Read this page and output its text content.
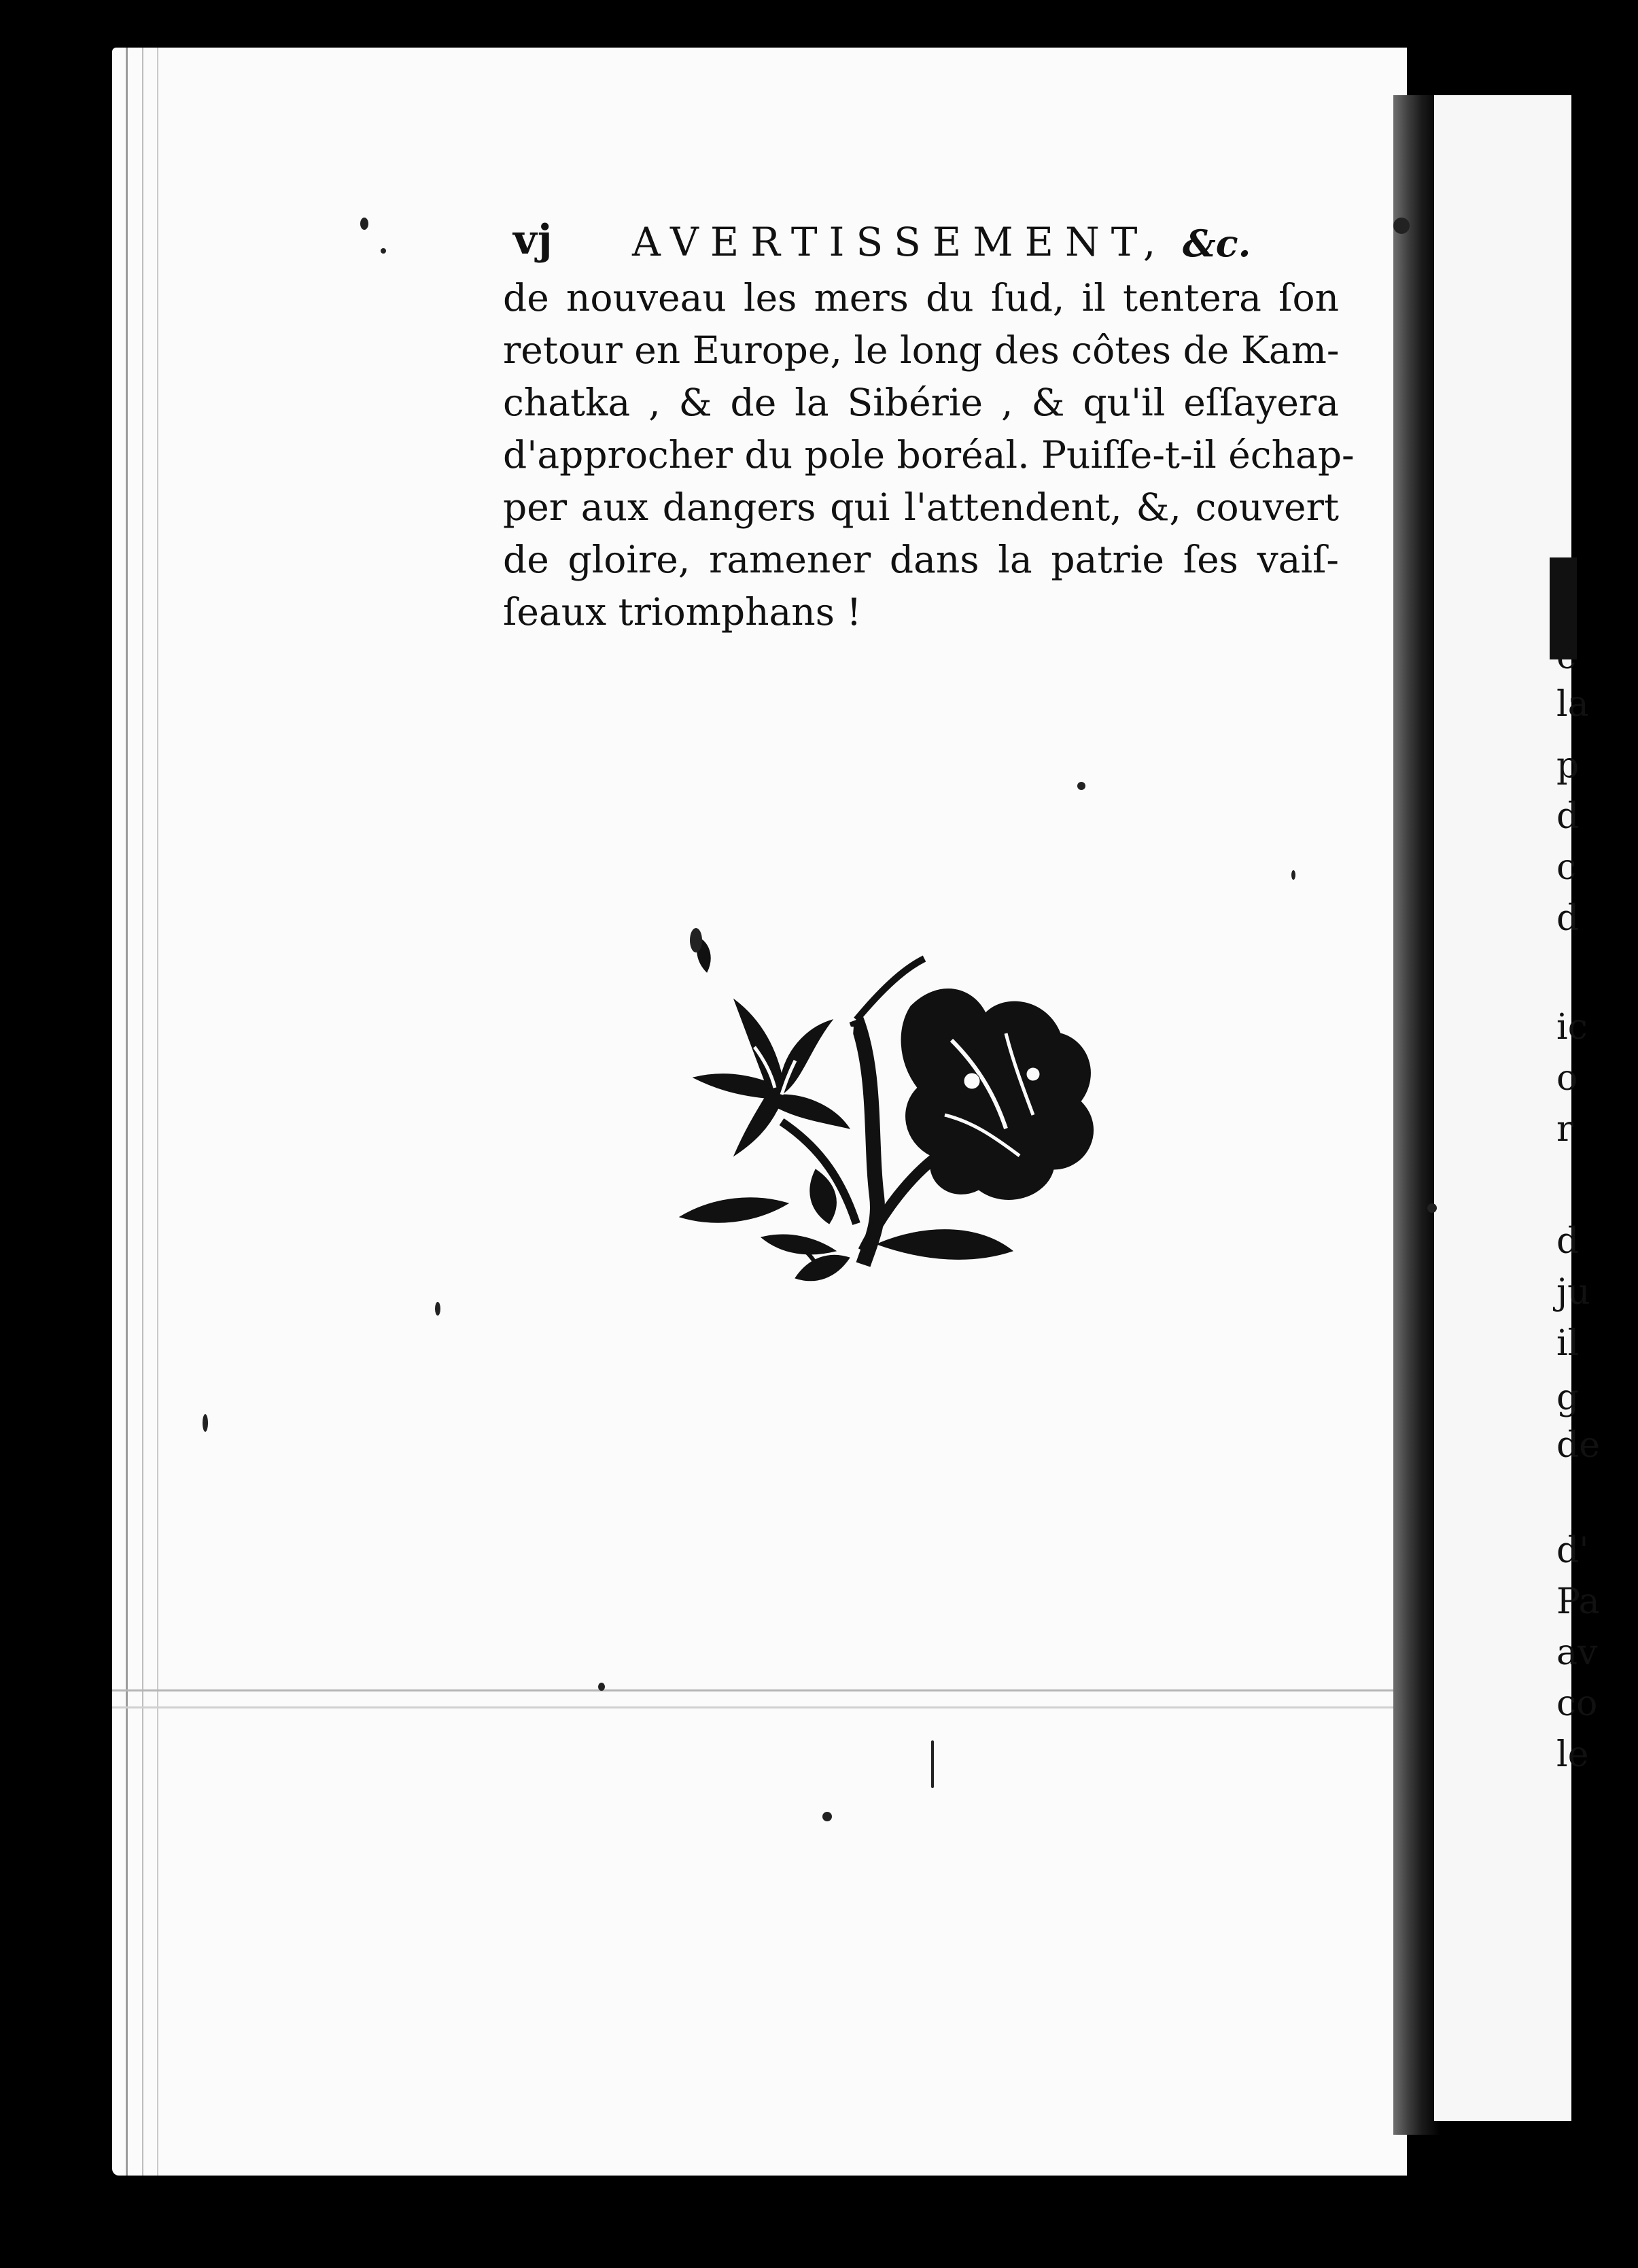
c
la
p
d
c
d
ic
o
r
d
ju
il
g
de
d'
Pa
av
co
le
vj AVERTISSEMENT, &c.
de nouveau les mers du ſud, il tentera ſon
retour en Europe, le long des côtes de Kam-
chatka , & de la Sibérie , & qu'il eſſayera
d'approcher du pole boréal. Puiſſe-t-il échap-
per aux dangers qui l'attendent, &, couvert
de gloire, ramener dans la patrie ſes vaiſ-
ſeaux triomphans !
